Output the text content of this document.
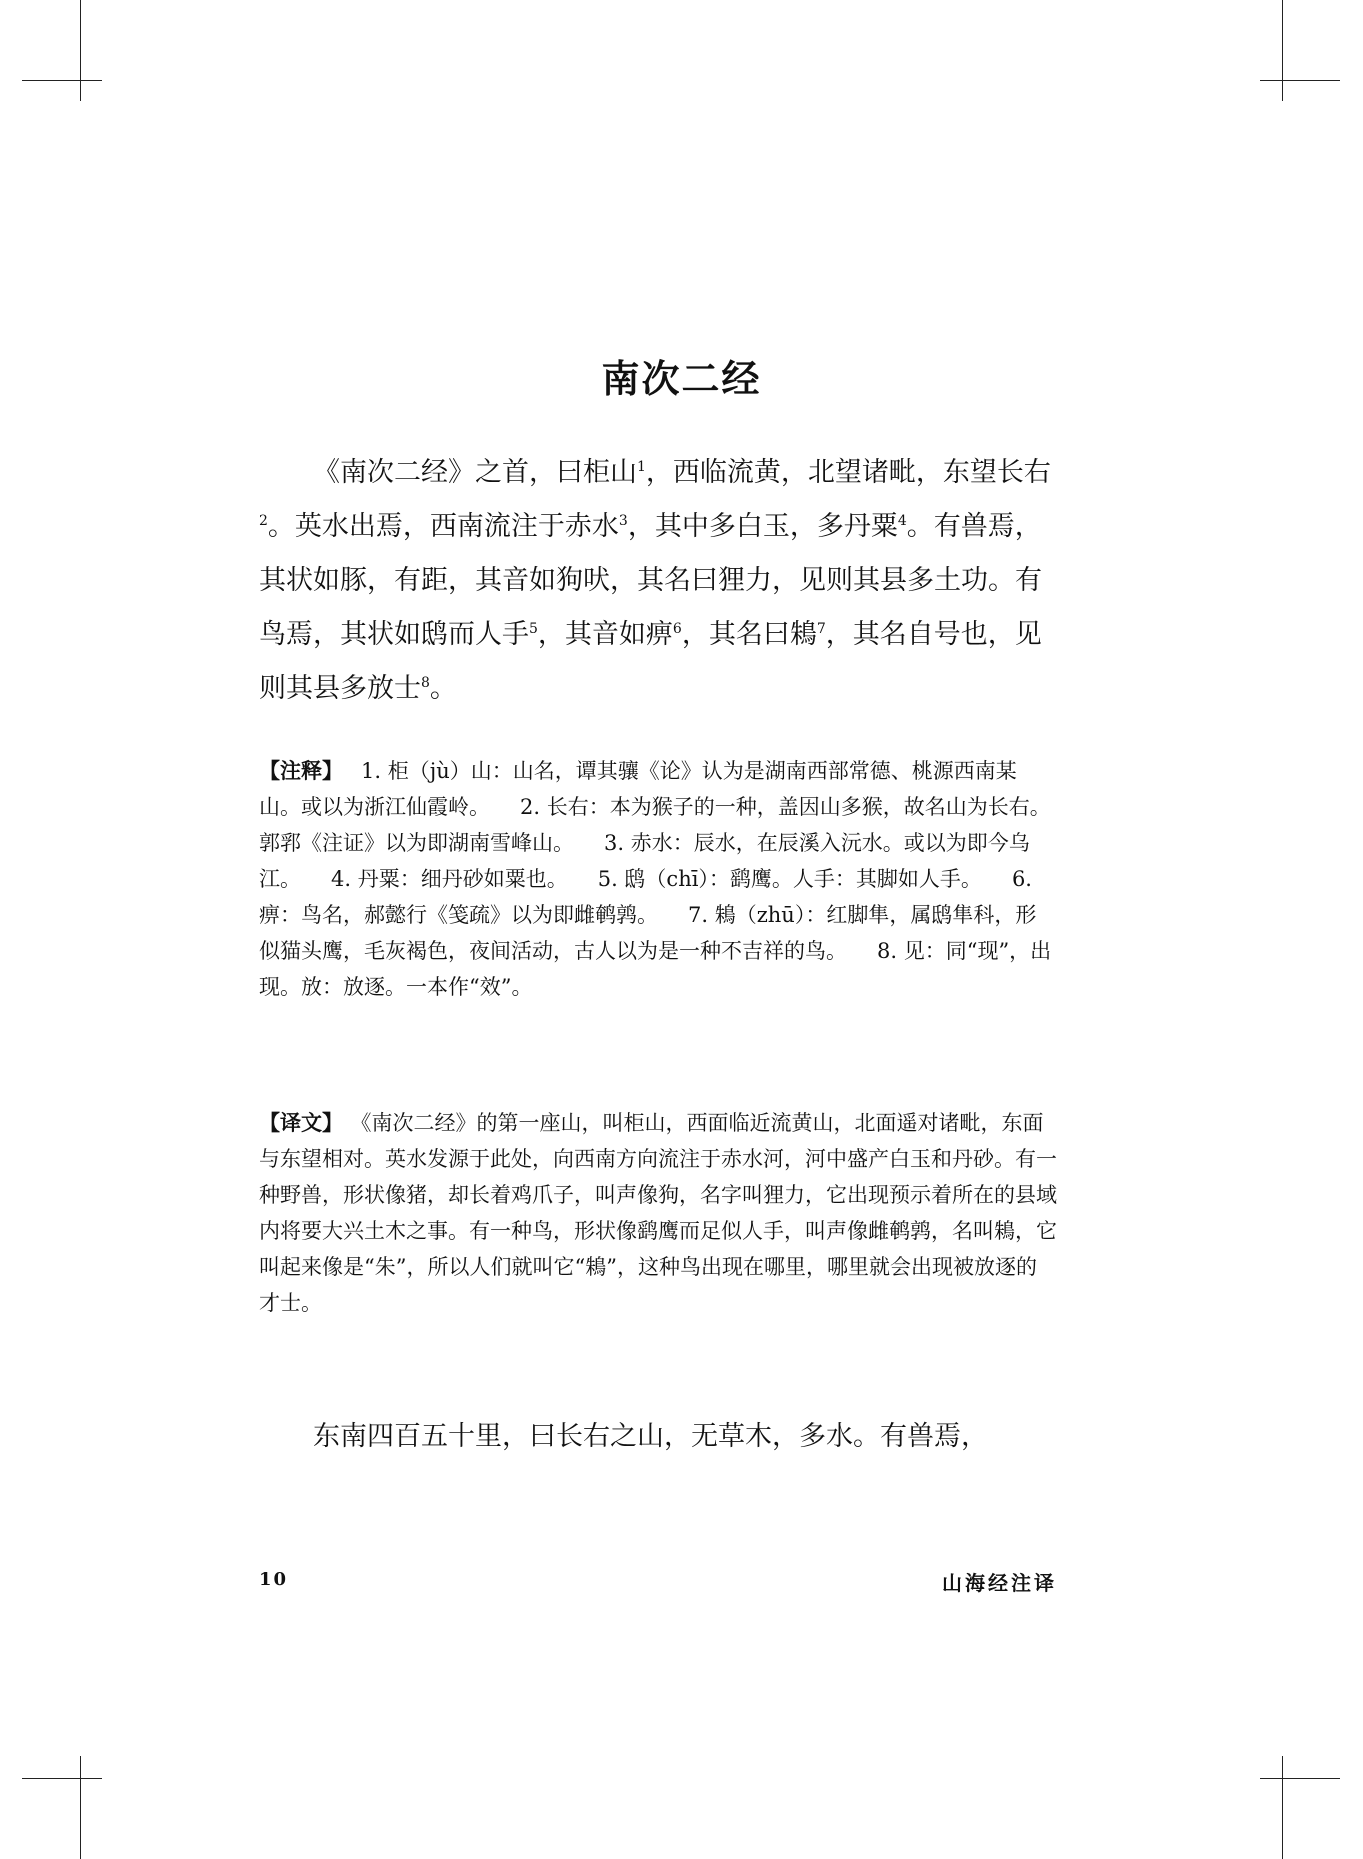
南次二经

《南次二经》之首，曰柜山$^1$，西临流黄，北望诸毗，东望长右$^2$。英水出焉，西南流注于赤水$^3$，其中多白玉，多丹粟$^4$。有兽焉，其状如豚，有距，其音如狗吠，其名曰狸力，见则其县多土功。有鸟焉，其状如鸱而人手$^5$，其音如痹$^6$，其名曰鴸$^7$，其名自号也，见则其县多放士$^8$。

【注释】 1. 柜（jù）山：山名，谭其骧《论》认为是湖南西部常德、桃源西南某山。或以为浙江仙霞岭。 2. 长右：本为猴子的一种，盖因山多猴，故名山为长右。郭郛《注证》以为即湖南雪峰山。 3. 赤水：辰水，在辰溪入沅水。或以为即今乌江。 4. 丹粟：细丹砂如粟也。 5. 鸱（chī）：鹞鹰。人手：其脚如人手。 6. 痹：鸟名，郝懿行《笺疏》以为即雌鹌鹑。 7. 鴸（zhū）：红脚隼，属鸱隼科，形似猫头鹰，毛灰褐色，夜间活动，古人以为是一种不吉祥的鸟。 8. 见：同“现”，出现。放：放逐。一本作“效”。

【译文】 《南次二经》的第一座山，叫柜山，西面临近流黄山，北面遥对诸毗，东面与东望相对。英水发源于此处，向西南方向流注于赤水河，河中盛产白玉和丹砂。有一种野兽，形状像猪，却长着鸡爪子，叫声像狗，名字叫狸力，它出现预示着所在的县域内将要大兴土木之事。有一种鸟，形状像鹞鹰而足似人手，叫声像雌鹌鹑，名叫鴸，它叫起来像是“朱”，所以人们就叫它“鴸”，这种鸟出现在哪里，哪里就会出现被放逐的才士。

东南四百五十里，曰长右之山，无草木，多水。有兽焉，

10	山海经注译
